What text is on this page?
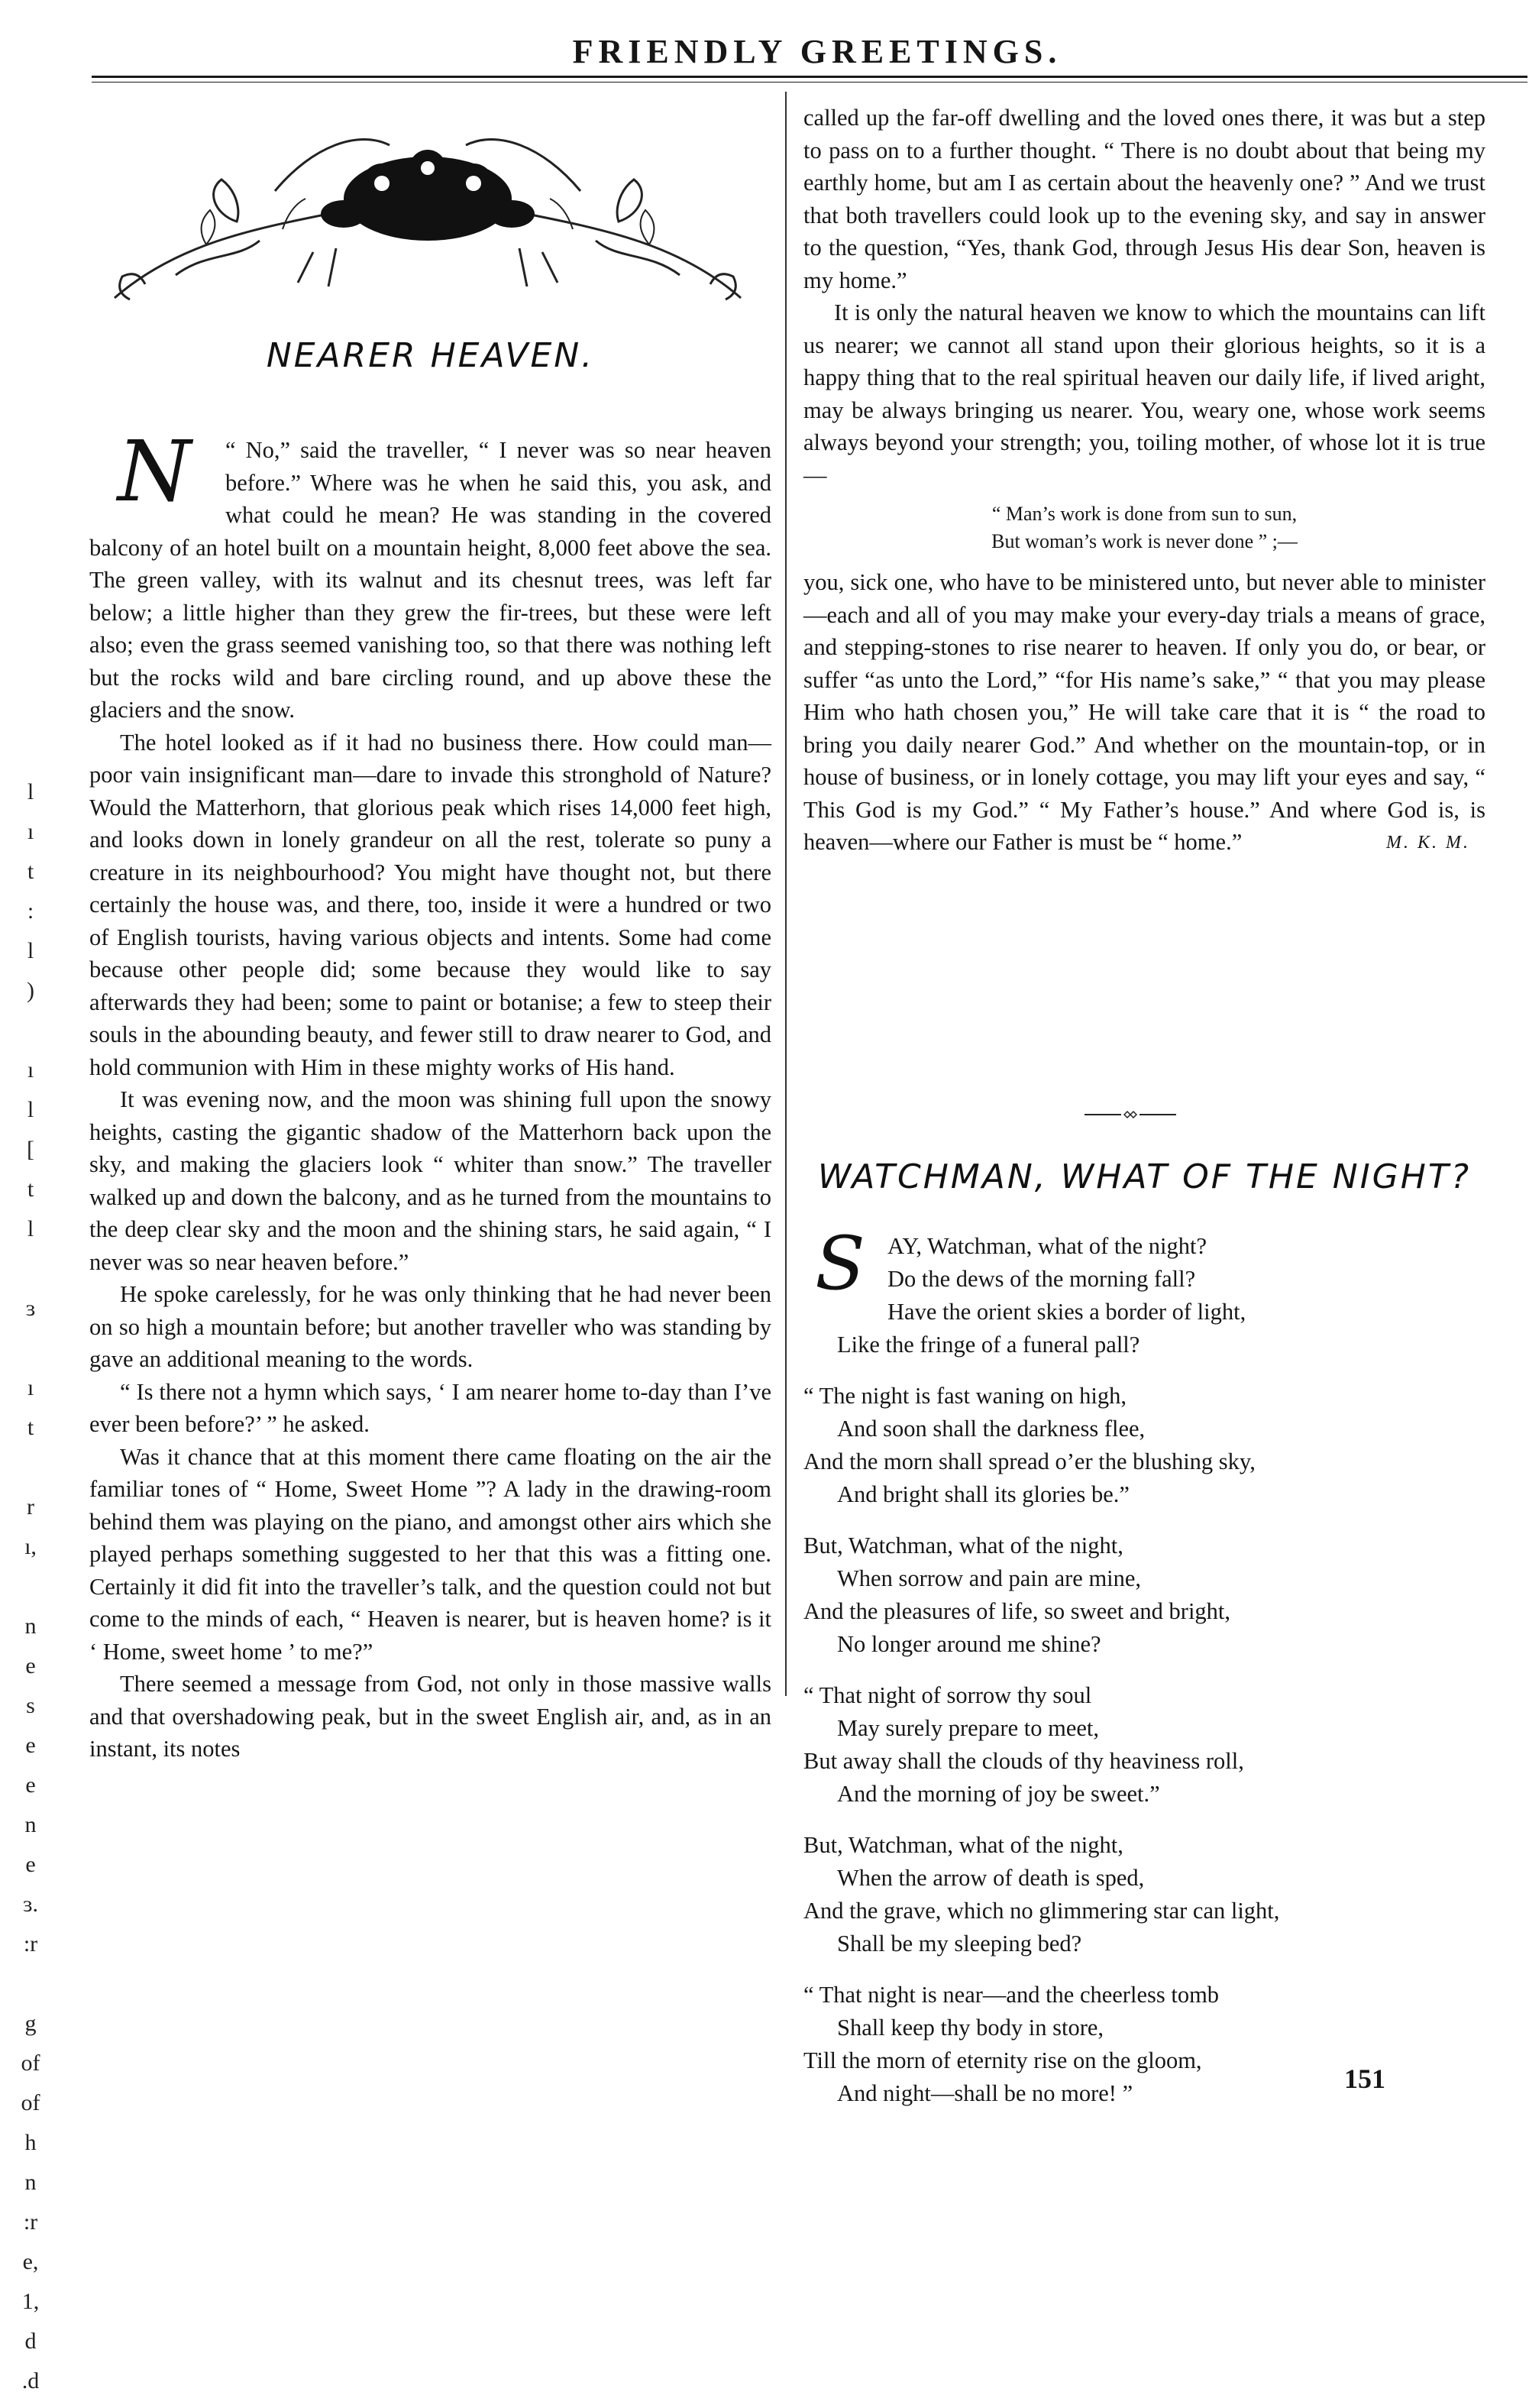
FRIENDLY GREETINGS.
l
ı
t
:
l
)
ı
l
[
t
l
ɜ
ı
t
r
ı,
n
e
s
e
e
n
e
ɜ.
:r
g
of
of
h
n
:r
e,
1,
d
.d
NEARER HEAVEN.

N	“ No,” said the traveller, “ I never was so near heaven before.” Where was he when he said this, you ask, and what could he mean? He was standing in the covered balcony of an hotel built on a mountain height, 8,000 feet above the sea. The green valley, with its walnut and its chesnut trees, was left far below; a little higher than they grew the fir-trees, but these were left also; even the grass seemed vanishing too, so that there was nothing left but the rocks wild and bare circling round, and up above these the glaciers and the snow.

The hotel looked as if it had no business there. How could man—poor vain insignificant man—dare to invade this stronghold of Nature? Would the Matterhorn, that glorious peak which rises 14,000 feet high, and looks down in lonely grandeur on all the rest, tolerate so puny a creature in its neighbourhood? You might have thought not, but there certainly the house was, and there, too, inside it were a hundred or two of English tourists, having various objects and intents. Some had come because other people did; some because they would like to say afterwards they had been; some to paint or botanise; a few to steep their souls in the abounding beauty, and fewer still to draw nearer to God, and hold communion with Him in these mighty works of His hand.

It was evening now, and the moon was shining full upon the snowy heights, casting the gigantic shadow of the Matterhorn back upon the sky, and making the glaciers look “ whiter than snow.” The traveller walked up and down the balcony, and as he turned from the mountains to the deep clear sky and the moon and the shining stars, he said again, “ I never was so near heaven before.”

He spoke carelessly, for he was only thinking that he had never been on so high a mountain before; but another traveller who was standing by gave an additional meaning to the words.

“ Is there not a hymn which says, ‘ I am nearer home to-day than I’ve ever been before?’ ” he asked.

Was it chance that at this moment there came floating on the air the familiar tones of “ Home, Sweet Home ”? A lady in the drawing-room behind them was playing on the piano, and amongst other airs which she played perhaps something suggested to her that this was a fitting one. Certainly it did fit into the traveller’s talk, and the question could not but come to the minds of each, “ Heaven is nearer, but is heaven home? is it ‘ Home, sweet home ’ to me?”

There seemed a message from God, not only in those massive walls and that overshadowing peak, but in the sweet English air, and, as in an instant, its notes

called up the far-off dwelling and the loved ones there, it was but a step to pass on to a further thought. “ There is no doubt about that being my earthly home, but am I as certain about the heavenly one? ” And we trust that both travellers could look up to the evening sky, and say in answer to the question, “Yes, thank God, through Jesus His dear Son, heaven is my home.”

It is only the natural heaven we know to which the mountains can lift us nearer; we cannot all stand upon their glorious heights, so it is a happy thing that to the real spiritual heaven our daily life, if lived aright, may be always bringing us nearer. You, weary one, whose work seems always beyond your strength; you, toiling mother, of whose lot it is true—

“ Man’s work is done from sun to sun,
But woman’s work is never done ” ;—

you, sick one, who have to be ministered unto, but never able to minister—each and all of you may make your every-day trials a means of grace, and stepping-stones to rise nearer to heaven. If only you do, or bear, or suffer “as unto the Lord,” “for His name’s sake,” “ that you may please Him who hath chosen you,” He will take care that it is “ the road to bring you daily nearer God.” And whether on the mountain-top, or in house of business, or in lonely cottage, you may lift your eyes and say, “ This God is my God.” “ My Father’s house.” And where God is, is heaven—where our Father is must be “ home.”	M. K. M.
WATCHMAN, WHAT OF THE NIGHT?
SAY, Watchman, what of the night?
Do the dews of the morning fall?
Have the orient skies a border of light,
Like the fringe of a funeral pall?
“ The night is fast waning on high,
And soon shall the darkness flee,
And the morn shall spread o’er the blushing sky,
And bright shall its glories be.”
But, Watchman, what of the night,
When sorrow and pain are mine,
And the pleasures of life, so sweet and bright,
No longer around me shine?
“ That night of sorrow thy soul
May surely prepare to meet,
But away shall the clouds of thy heaviness roll,
And the morning of joy be sweet.”
But, Watchman, what of the night,
When the arrow of death is sped,
And the grave, which no glimmering star can light,
Shall be my sleeping bed?
“ That night is near—and the cheerless tomb
Shall keep thy body in store,
Till the morn of eternity rise on the gloom,
And night—shall be no more! ”	151
